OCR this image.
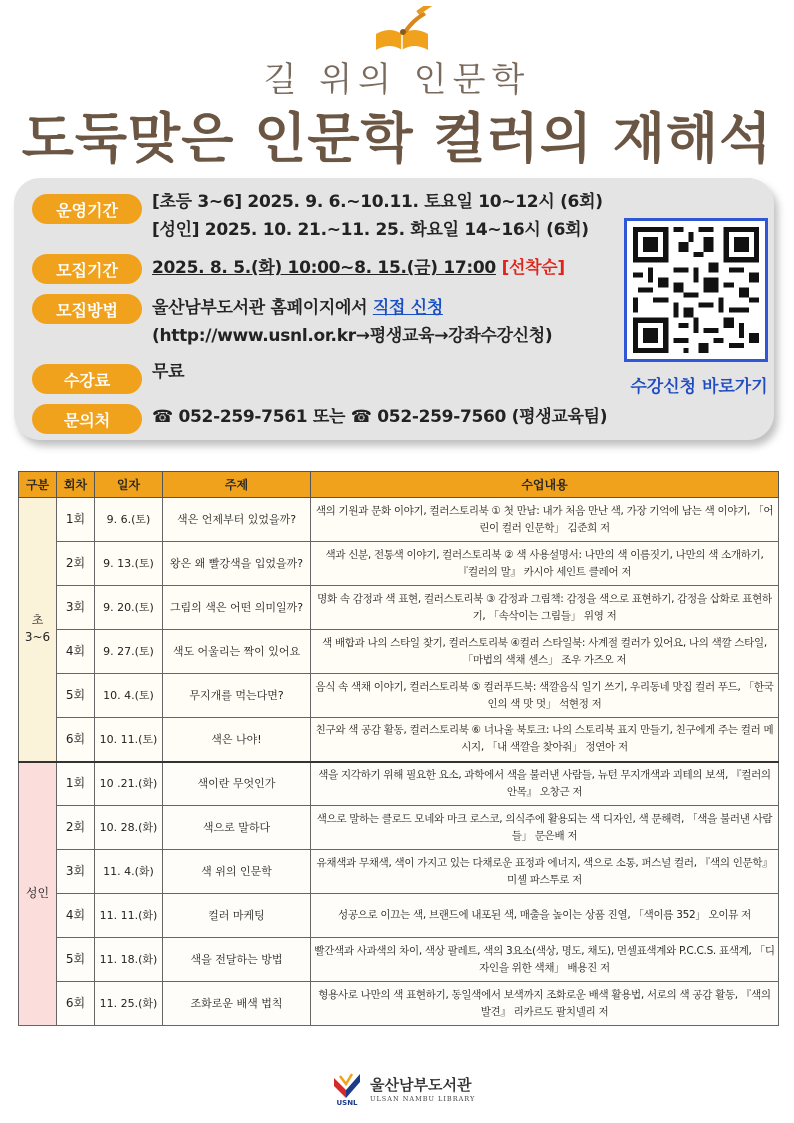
길 위의 인문학
도둑맞은 인문학 컬러의 재해석
운영기간	[초등 3~6] 2025. 9. 6.~10.11. 토요일 10~12시 (6회)
[성인] 2025. 10. 21.~11. 25. 화요일 14~16시 (6회)
모집기간	2025. 8. 5.(화) 10:00~8. 15.(금) 17:00 [선착순]
모집방법	울산남부도서관 홈페이지에서 직접 신청
(http://www.usnl.or.kr→평생교육→강좌수강신청)
수강료	무료
문의처	☎ 052-259-7561 또는 ☎ 052-259-7560 (평생교육팀)
수강신청 바로가기
구분	회차	일자	주제	수업내용
초
3~6	1회	9. 6.(토)	색은 언제부터 있었을까?	색의 기원과 문화 이야기, 컬러스토리북 ① 첫 만남: 내가 처음 만난 색, 가장 기억에 남는 색 이야기, 「어린이 컬러 인문학」 김준희 저
	2회	9. 13.(토)	왕은 왜 빨강색을 입었을까?	색과 신분, 전통색 이야기, 컬러스토리북 ② 색 사용설명서: 나만의 색 이름짓기, 나만의 색 소개하기, 『컬러의 말』 카시아 세인트 클레어 저
	3회	9. 20.(토)	그림의 색은 어떤 의미일까?	명화 속 감정과 색 표현, 컬러스토리북 ③ 감정과 그림책: 감정을 색으로 표현하기, 감정을 삽화로 표현하기, 「속삭이는 그림들」 위영 저
	4회	9. 27.(토)	색도 어울리는 짝이 있어요	색 배합과 나의 스타일 찾기, 컬러스토리북 ④컬러 스타일북: 사계절 컬러가 있어요, 나의 색깔 스타일, 「마법의 색채 센스」 조우 가즈오 저
	5회	10. 4.(토)	무지개를 먹는다면?	음식 속 색채 이야기, 컬러스토리북 ⑤ 컬러푸드북: 색깔음식 일기 쓰기, 우리동네 맛집 컬러 푸드, 「한국인의 색 맛 멋」 석현정 저
	6회	10. 11.(토)	색은 나야!	친구와 색 공감 활동, 컬러스토리북 ⑥ 너나울 북토크: 나의 스토리북 표지 만들기, 친구에게 주는 컬러 메시지, 「내 색깔을 찾아줘」 정연아 저
성인	1회	10 .21.(화)	색이란 무엇인가	색을 지각하기 위해 필요한 요소, 과학에서 색을 불러낸 사람들, 뉴턴 무지개색과 괴테의 보색, 『컬러의 안목』 오창근 저
	2회	10. 28.(화)	색으로 말하다	색으로 말하는 클로드 모네와 마크 로스코, 의식주에 활용되는 색 디자인, 색 문해력, 「색을 불러낸 사람들」 문은배 저
	3회	11. 4.(화)	색 위의 인문학	유채색과 무채색, 색이 가지고 있는 다채로운 표정과 에너지, 색으로 소통, 퍼스널 컬러, 『색의 인문학』 미셸 파스투로 저
	4회	11. 11.(화)	컬러 마케팅	성공으로 이끄는 색, 브랜드에 내포된 색, 매출을 높이는 상품 진열, 「색이름 352」 오이뮤 저
	5회	11. 18.(화)	색을 전달하는 방법	빨간색과 사과색의 차이, 색상 팔레트, 색의 3요소(색상, 명도, 채도), 먼셀표색계와 P.C.C.S. 표색계, 「디자인을 위한 색채」 배용진 저
	6회	11. 25.(화)	조화로운 배색 법칙	형용사로 나만의 색 표현하기, 동일색에서 보색까지 조화로운 배색 활용법, 서로의 색 공감 활동, 『색의 발견』 리카르도 팔치넬리 저
USNL
울산남부도서관
ULSAN NAMBU LIBRARY
